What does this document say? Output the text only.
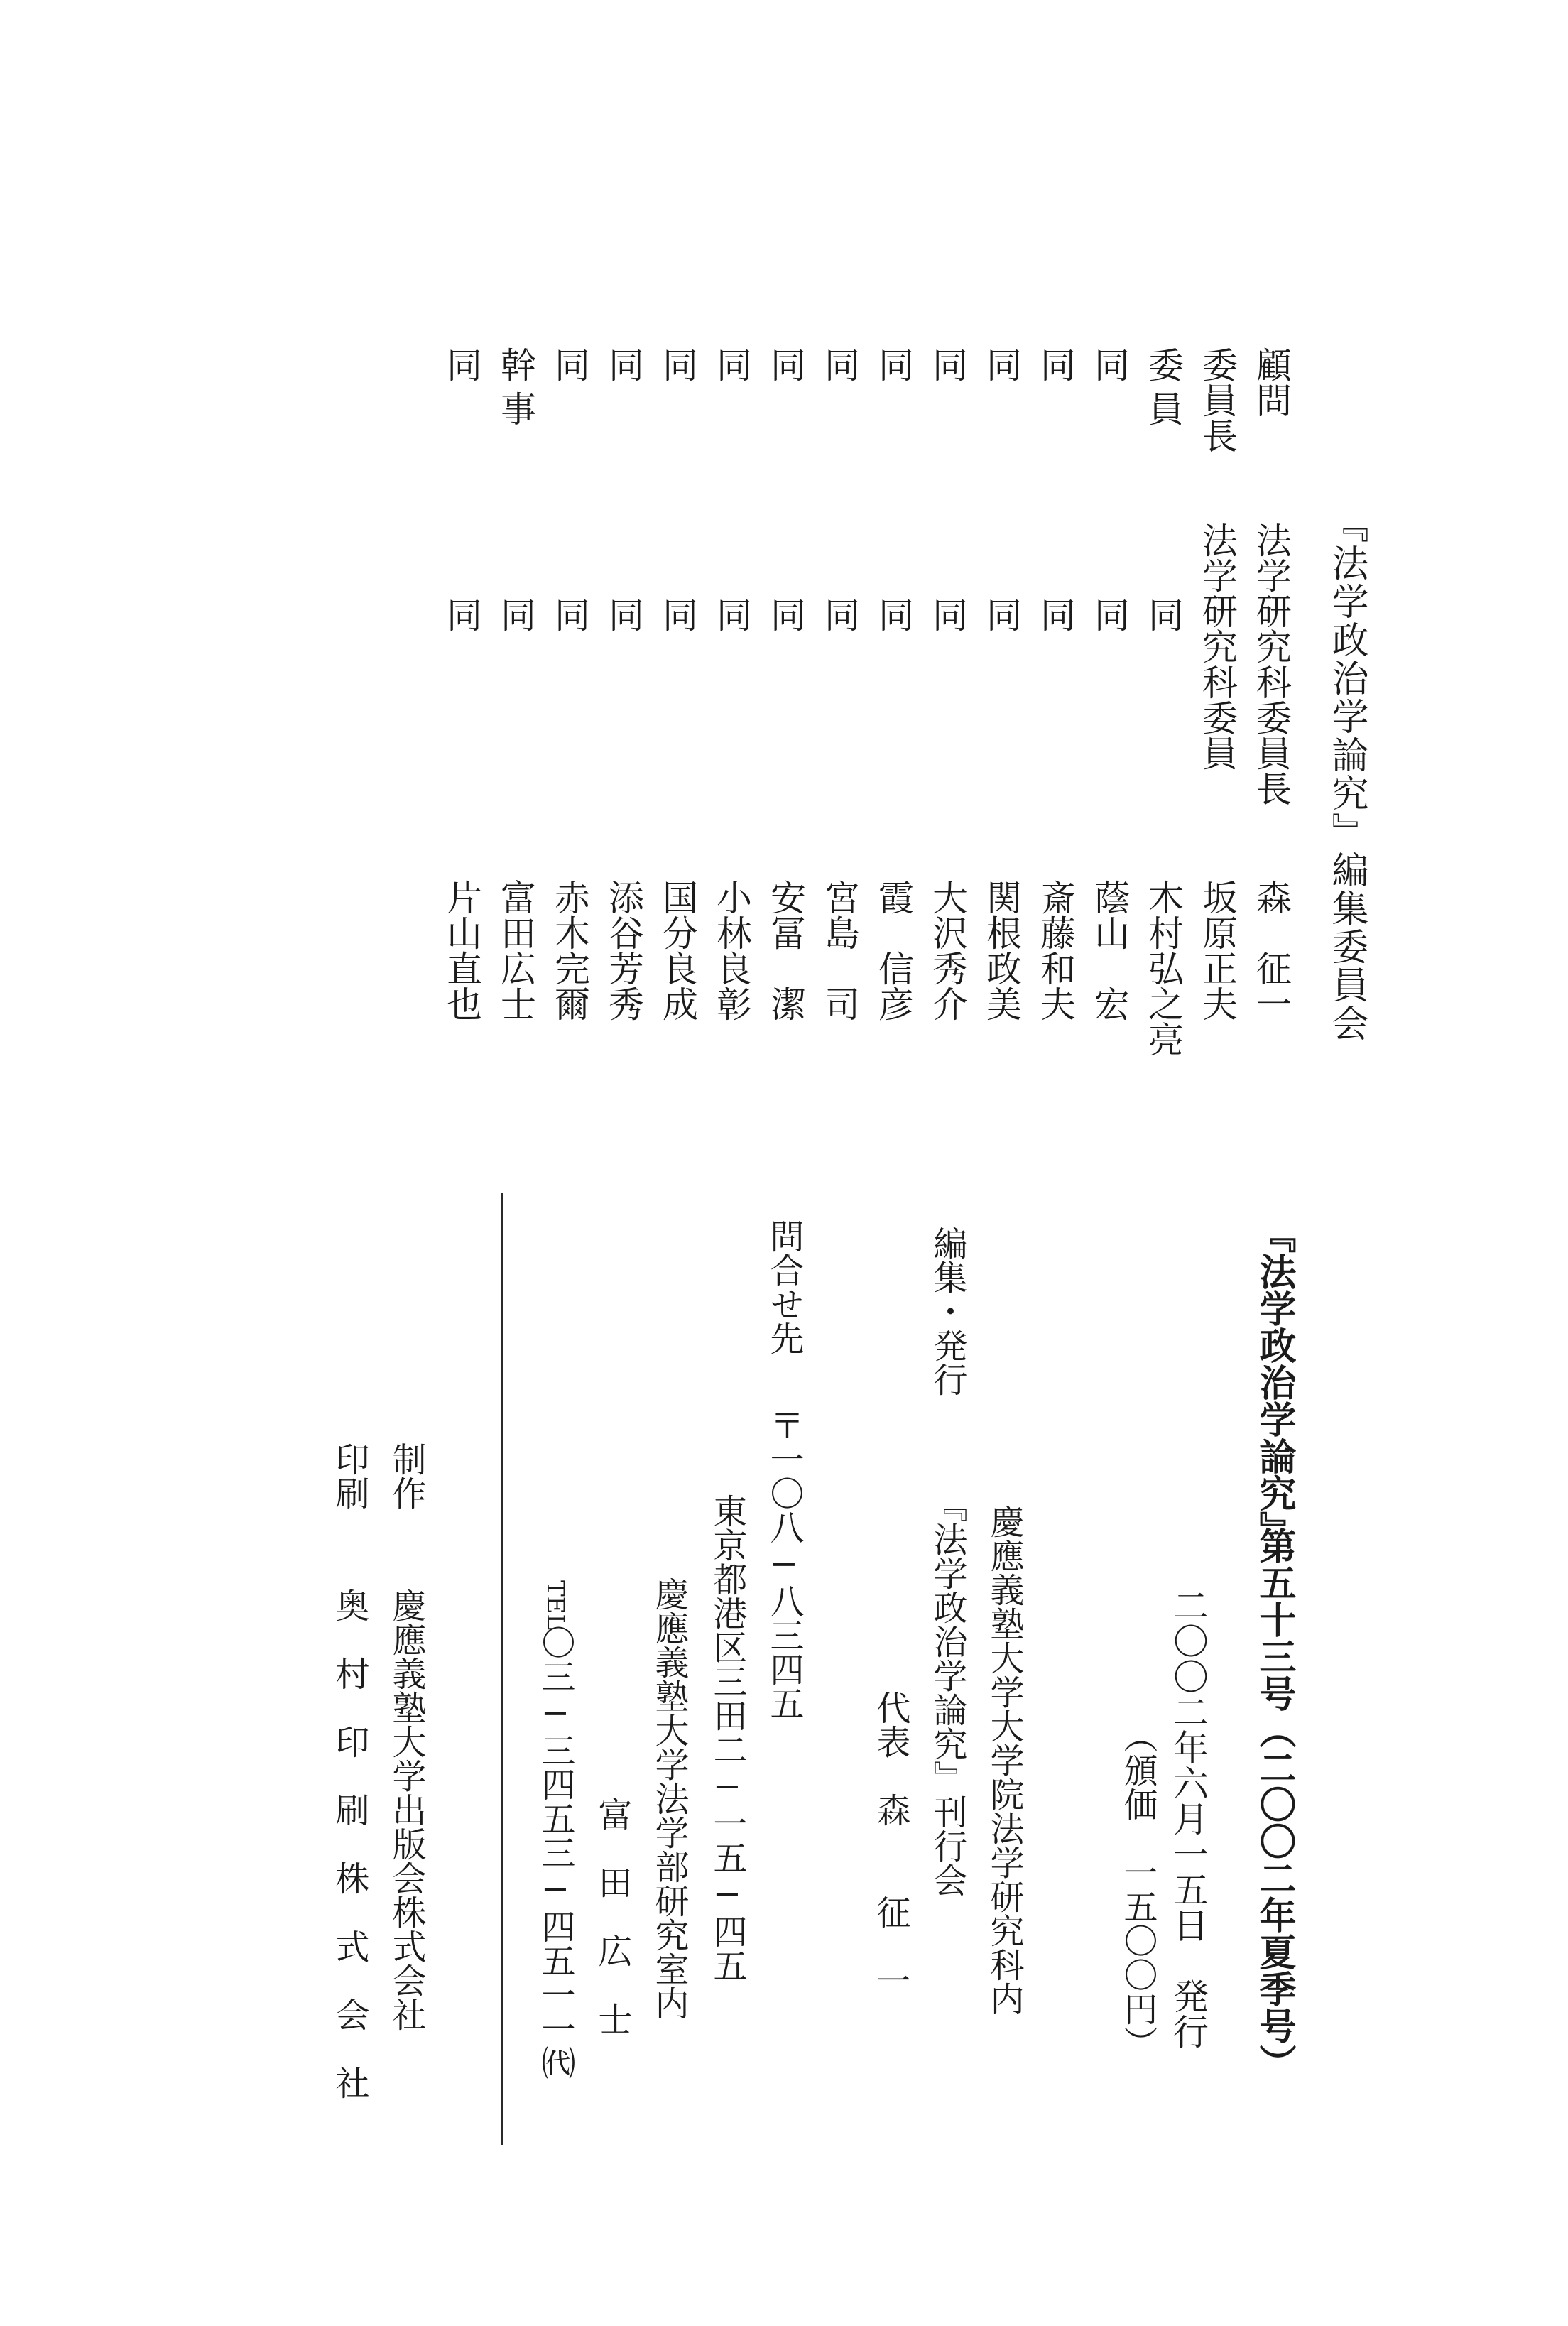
『法学政治学論究』編集委員会
顧問
法学研究科委員長
森　征一
委員長
法学研究科委員
坂原正夫
委員
同
木村弘之亮
同
同
蔭山　宏
同
同
斎藤和夫
同
同
関根政美
同
同
大沢秀介
同
同
霞　信彦
同
同
宮島　司
同
同
安冨　潔
同
同
小林良彰
同
同
国分良成
同
同
添谷芳秀
同
同
赤木完爾
幹事
同
富田広士
同
同
片山直也
『法学政治学論究』
第五十三号（二〇〇二年夏季号）
二〇〇二年六月一五日　発行
（頒価　一五〇〇円）
編集・発行
慶應義塾大学大学院法学研究科内
『法学政治学論究』刊行会
代表　森　　征　一
問合せ先
〒一〇八−八三四五
東京都港区三田二−一五−四五
慶應義塾大学法学部研究室内
富　田　広　士
TEL
〇三−三四五三−四五一一㈹
制作
慶應義塾大学出版会株式会社
印刷
奥　村　印　刷　株　式　会　社
